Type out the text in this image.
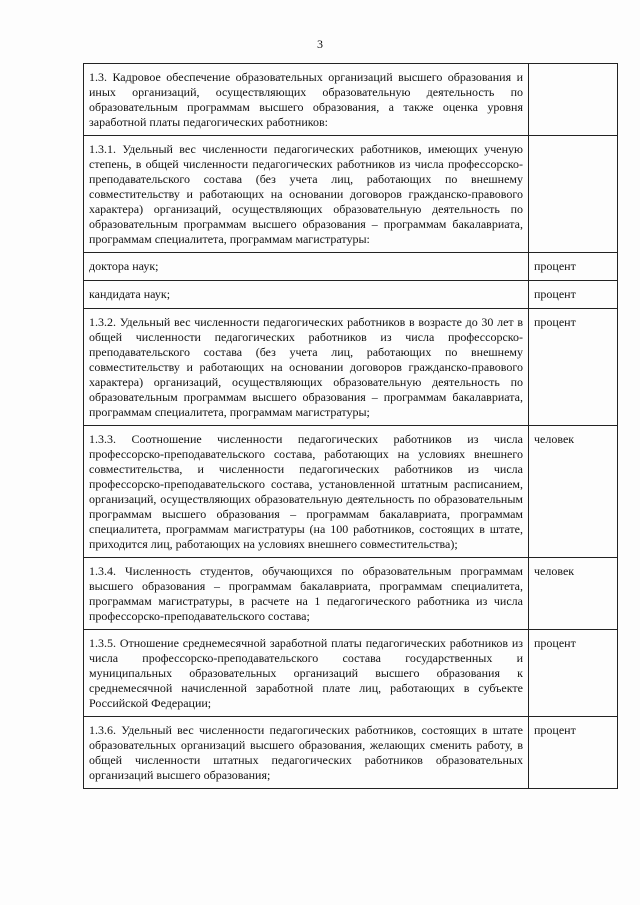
3
1.3. Кадровое обеспечение образовательных организаций высшего образования и иных организаций, осуществляющих образовательную деятельность по образовательным программам высшего образования, а также оценка уровня заработной платы педагогических работников:	
1.3.1. Удельный вес численности педагогических работников, имеющих ученую степень, в общей численности педагогических работников из числа профессорско-преподавательского состава (без учета лиц, работающих по внешнему совместительству и работающих на основании договоров гражданско-правового характера) организаций, осуществляющих образовательную деятельность по образовательным программам высшего образования – программам бакалавриата, программам специалитета, программам магистратуры:	
доктора наук;	процент
кандидата наук;	процент
1.3.2. Удельный вес численности педагогических работников в возрасте до 30 лет в общей численности педагогических работников из числа профессорско-преподавательского состава (без учета лиц, работающих по внешнему совместительству и работающих на основании договоров гражданско-правового характера) организаций, осуществляющих образовательную деятельность по образовательным программам высшего образования – программам бакалавриата, программам специалитета, программам магистратуры;	процент
1.3.3. Соотношение численности педагогических работников из числа профессорско-преподавательского состава, работающих на условиях внешнего совместительства, и численности педагогических работников из числа профессорско-преподавательского состава, установленной штатным расписанием, организаций, осуществляющих образовательную деятельность по образовательным программам высшего образования – программам бакалавриата, программам специалитета, программам магистратуры (на 100 работников, состоящих в штате, приходится лиц, работающих на условиях внешнего совместительства);	человек
1.3.4. Численность студентов, обучающихся по образовательным программам высшего образования – программам бакалавриата, программам специалитета, программам магистратуры, в расчете на 1 педагогического работника из числа профессорско-преподавательского состава;	человек
1.3.5. Отношение среднемесячной заработной платы педагогических работников из числа профессорско-преподавательского состава государственных и муниципальных образовательных организаций высшего образования к среднемесячной начисленной заработной плате лиц, работающих в субъекте Российской Федерации;	процент
1.3.6. Удельный вес численности педагогических работников, состоящих в штате образовательных организаций высшего образования, желающих сменить работу, в общей численности штатных педагогических работников образовательных организаций высшего образования;	процент
